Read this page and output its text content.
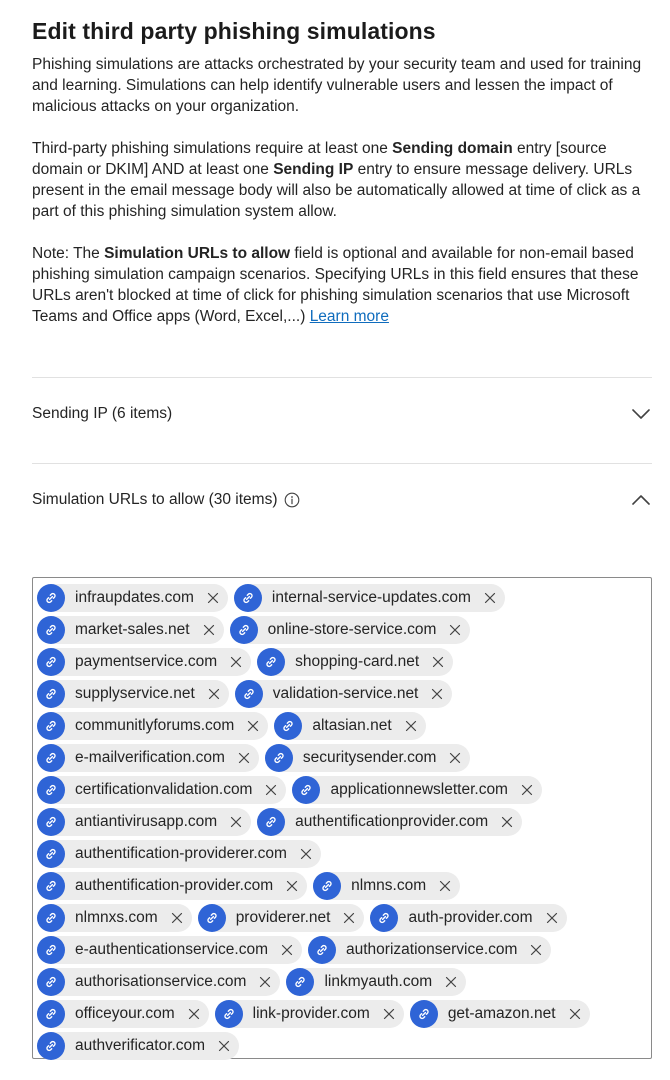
Edit third party phishing simulations

Phishing simulations are attacks orchestrated by your security team and used for training and learning. Simulations can help identify vulnerable users and lessen the impact of malicious attacks on your organization.

Third-party phishing simulations require at least one Sending domain entry [source domain or DKIM] AND at least one Sending IP entry to ensure message delivery. URLs present in the email message body will also be automatically allowed at time of click as a part of this phishing simulation system allow.

Note: The Simulation URLs to allow field is optional and available for non-email based phishing simulation campaign scenarios. Specifying URLs in this field ensures that these URLs aren't blocked at time of click for phishing simulation scenarios that use Microsoft Teams and Office apps (Word, Excel,...) Learn more

Sending IP (6 items)
Simulation URLs to allow (30 items)
infraupdates.com	internal-service-updates.com
market-sales.net	online-store-service.com
paymentservice.com	shopping-card.net
supplyservice.net	validation-service.net
communitlyforums.com	altasian.net
e-mailverification.com	securitysender.com
certificationvalidation.com	applicationnewsletter.com
antiantivirusapp.com	authentificationprovider.com
authentification-providerer.com
authentification-provider.com	nlmns.com
nlmnxs.com	providerer.net	auth-provider.com
e-authenticationservice.com	authorizationservice.com
authorisationservice.com	linkmyauth.com
officeyour.com	link-provider.com	get-amazon.net
authverificator.com
